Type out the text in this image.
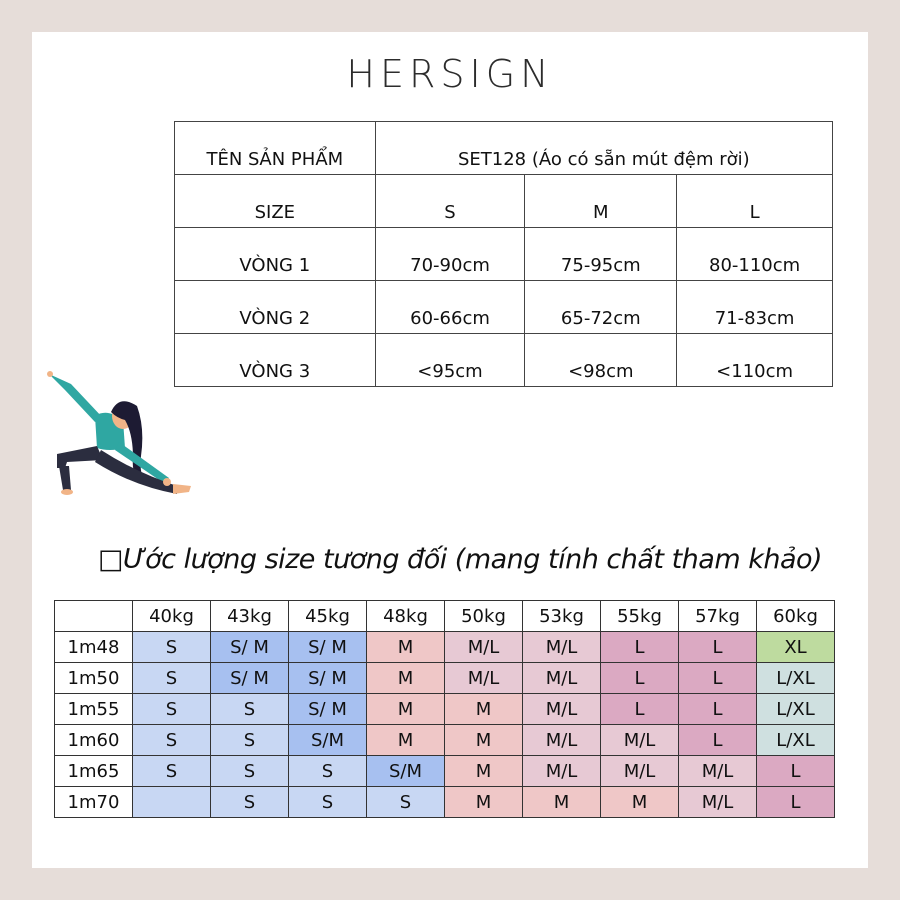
HERSIGN
TÊN SẢN PHẨM	SET128 (Áo có sẵn mút đệm rời)		
SIZE	S	M	L
VÒNG 1	70-90cm	75-95cm	80-110cm
VÒNG 2	60-66cm	65-72cm	71-83cm
VÒNG 3	<95cm	<98cm	<110cm
□Ước lượng size tương đối (mang tính chất tham khảo)
	40kg	43kg	45kg	48kg	50kg	53kg	55kg	57kg	60kg
1m48	S	S/ M	S/ M	M	M/L	M/L	L	L	XL
1m50	S	S/ M	S/ M	M	M/L	M/L	L	L	L/XL
1m55	S	S	S/ M	M	M	M/L	L	L	L/XL
1m60	S	S	S/M	M	M	M/L	M/L	L	L/XL
1m65	S	S	S	S/M	M	M/L	M/L	M/L	L
1m70		S	S	S	M	M	M	M/L	L
